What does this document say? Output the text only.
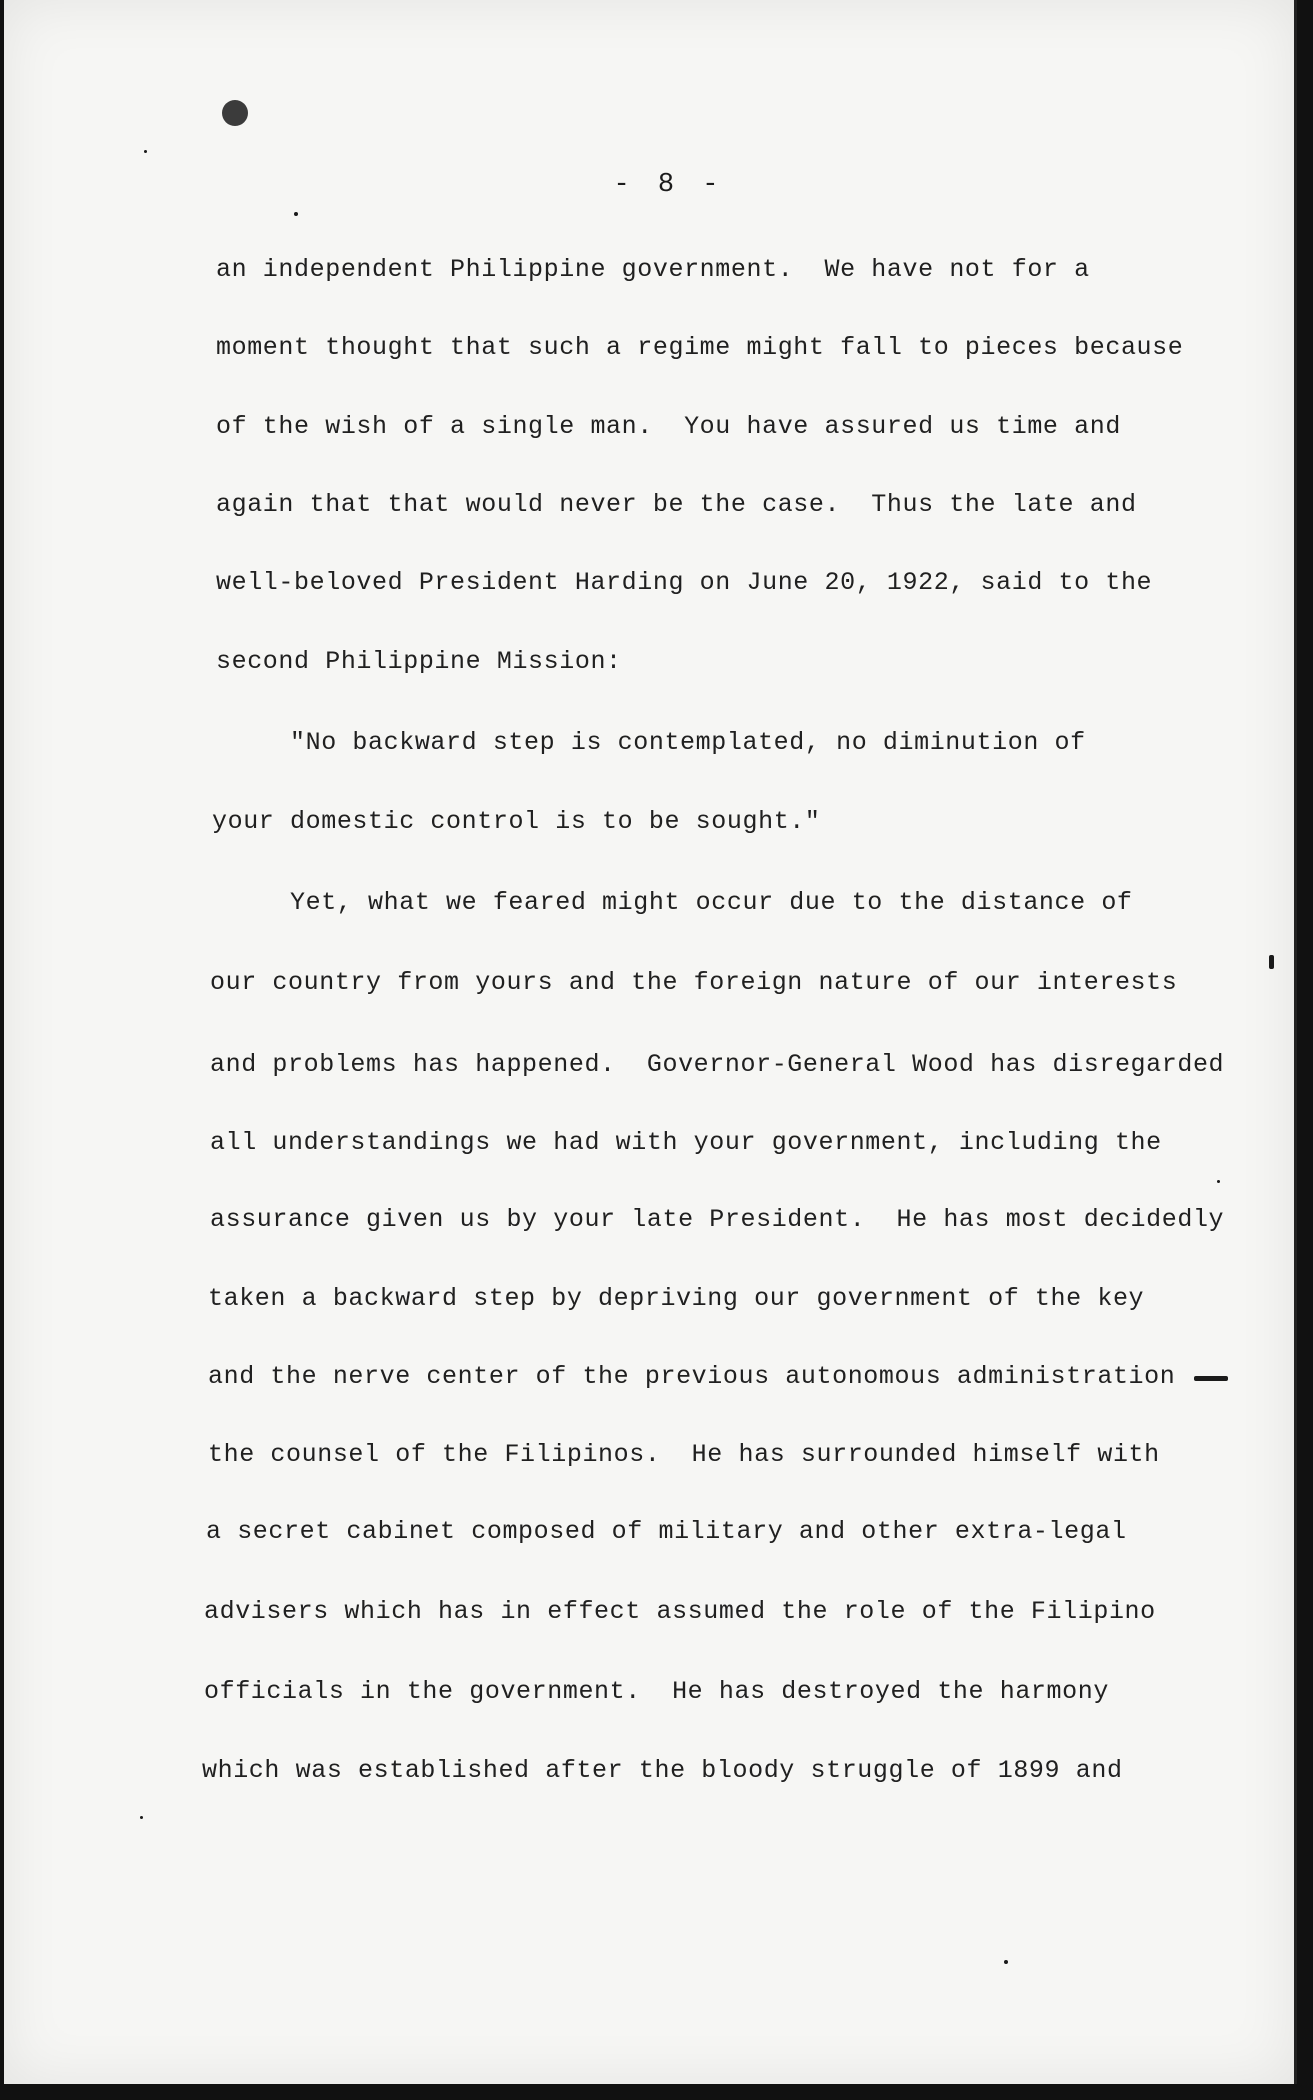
- 8 -
an independent Philippine government.  We have not for a
moment thought that such a regime might fall to pieces because
of the wish of a single man.  You have assured us time and
again that that would never be the case.  Thus the late and
well-beloved President Harding on June 20, 1922, said to the
second Philippine Mission:
"No backward step is contemplated, no diminution of
your domestic control is to be sought."
Yet, what we feared might occur due to the distance of
our country from yours and the foreign nature of our interests
and problems has happened.  Governor-General Wood has disregarded
all understandings we had with your government, including the
assurance given us by your late President.  He has most decidedly
taken a backward step by depriving our government of the key
and the nerve center of the previous autonomous administration
the counsel of the Filipinos.  He has surrounded himself with
a secret cabinet composed of military and other extra-legal
advisers which has in effect assumed the role of the Filipino
officials in the government.  He has destroyed the harmony
which was established after the bloody struggle of 1899 and
